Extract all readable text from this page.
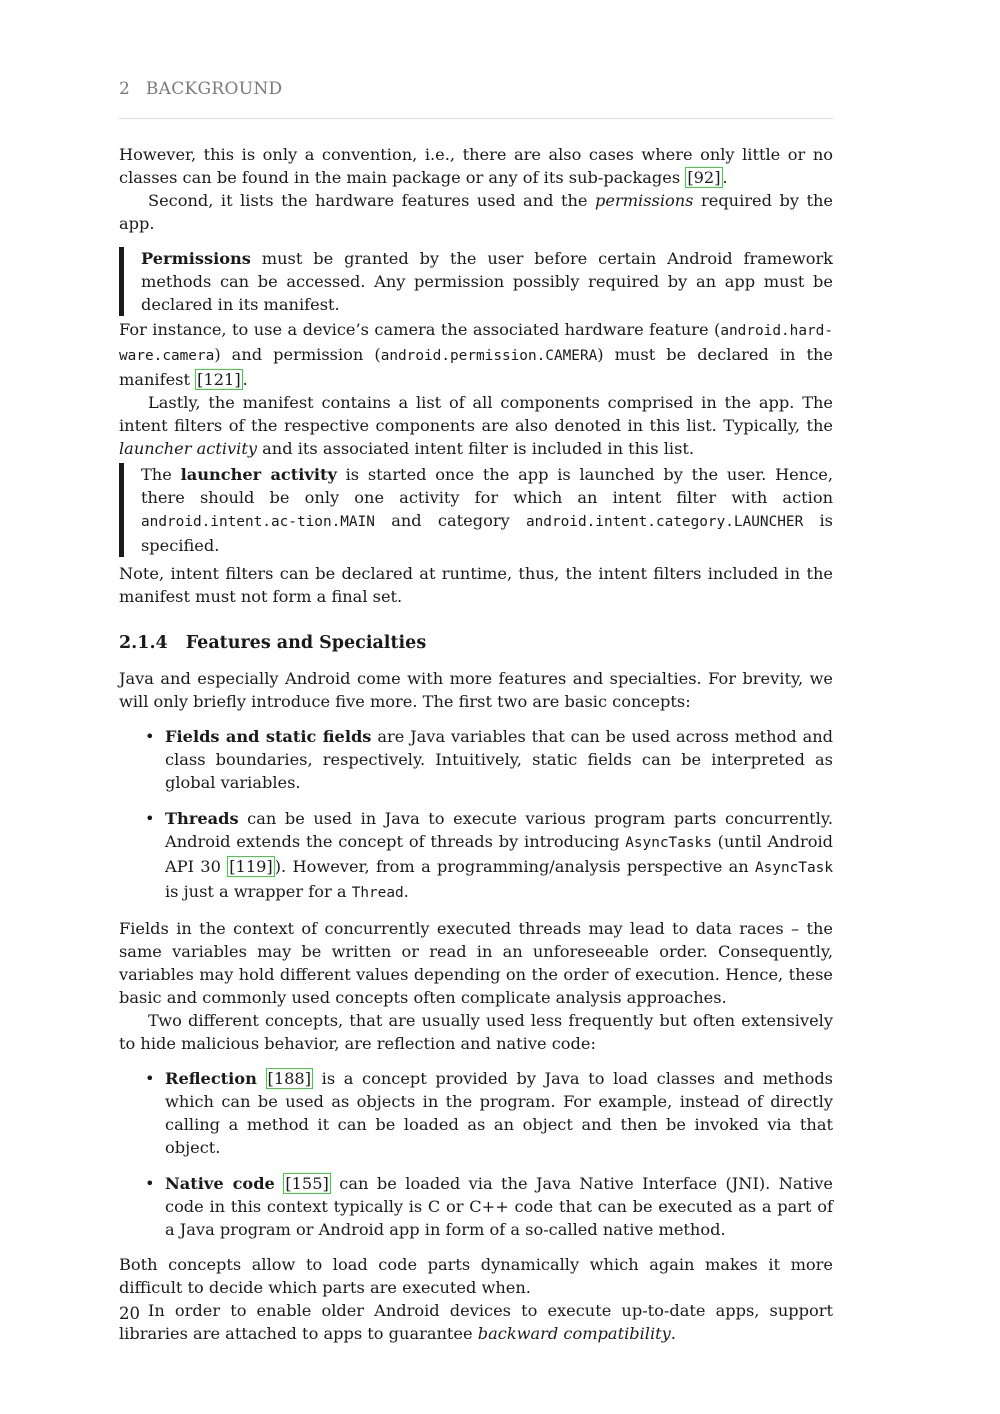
2 BACKGROUND

However, this is only a convention, i.e., there are also cases where only little or no classes can be found in the main package or any of its sub-packages [92] .

Second, it lists the hardware features used and the permissions required by the app.

Permissions must be granted by the user before certain Android framework methods can be accessed. Any permission possibly required by an app must be declared in its manifest.

For instance, to use a device’s camera the associated hardware feature (android.hard-ware.camera) and permission (android.permission.CAMERA) must be declared in the manifest [121] .

Lastly, the manifest contains a list of all components comprised in the app. The intent filters of the respective components are also denoted in this list. Typically, the launcher activity and its associated intent filter is included in this list.

The launcher activity is started once the app is launched by the user. Hence, there should be only one activity for which an intent filter with action android.intent.ac-tion.MAIN and category android.intent.category.LAUNCHER is specified.

Note, intent filters can be declared at runtime, thus, the intent filters included in the manifest must not form a final set.

2.1.4 Features and Specialties

Java and especially Android come with more features and specialties. For brevity, we will only briefly introduce five more. The first two are basic concepts:

• Fields and static fields are Java variables that can be used across method and class boundaries, respectively. Intuitively, static fields can be interpreted as global variables.
• Threads can be used in Java to execute various program parts concurrently. Android extends the concept of threads by introducing AsyncTasks (until Android API 30 [119] ). However, from a programming/analysis perspective an AsyncTask is just a wrapper for a Thread.

Fields in the context of concurrently executed threads may lead to data races – the same variables may be written or read in an unforeseeable order. Consequently, variables may hold different values depending on the order of execution. Hence, these basic and commonly used concepts often complicate analysis approaches.

Two different concepts, that are usually used less frequently but often extensively to hide malicious behavior, are reflection and native code:

• Reflection [188] is a concept provided by Java to load classes and methods which can be used as objects in the program. For example, instead of directly calling a method it can be loaded as an object and then be invoked via that object.
• Native code [155] can be loaded via the Java Native Interface (JNI). Native code in this context typically is C or C++ code that can be executed as a part of a Java program or Android app in form of a so-called native method.

Both concepts allow to load code parts dynamically which again makes it more difficult to decide which parts are executed when.

In order to enable older Android devices to execute up-to-date apps, support libraries are attached to apps to guarantee backward compatibility.

20
